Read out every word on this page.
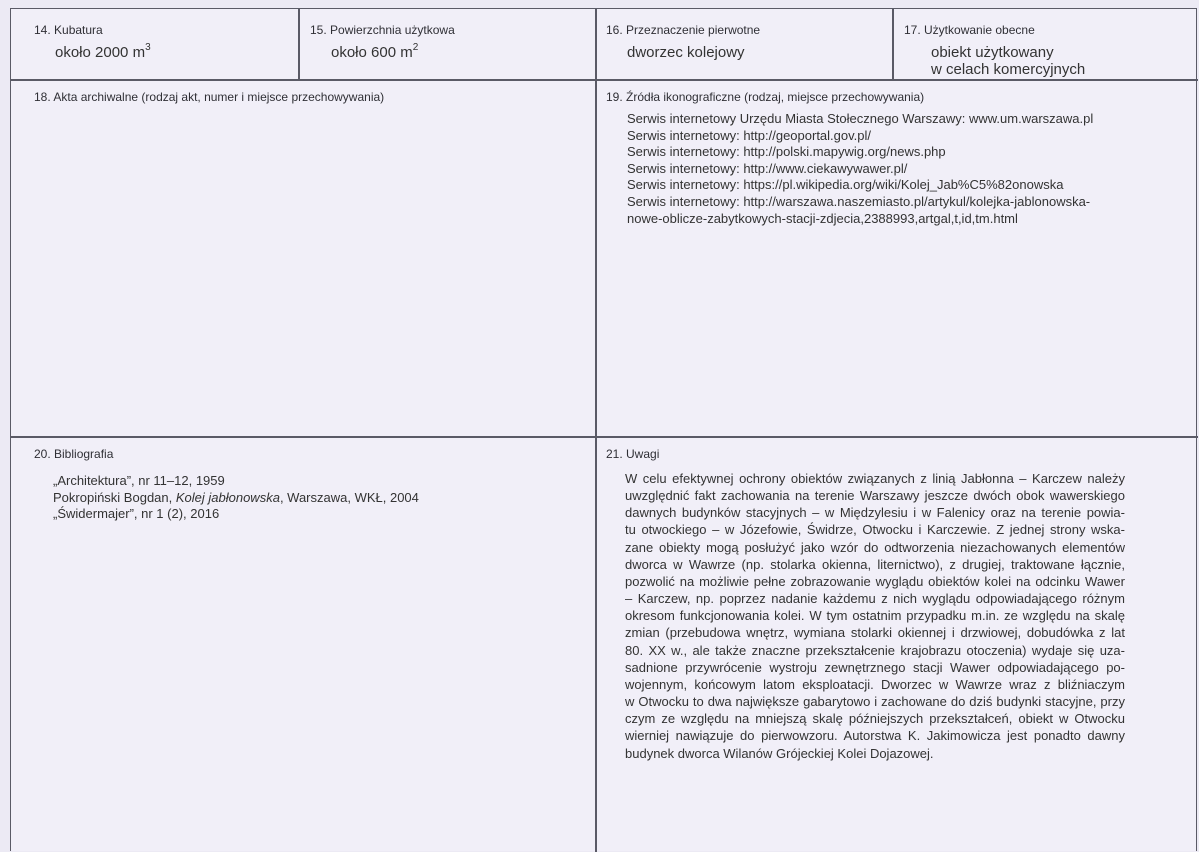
14. Kubatura
około 2000 $m^3$
15. Powierzchnia użytkowa
około 600 $m^2$
16. Przeznaczenie pierwotne
dworzec kolejowy
17. Użytkowanie obecne
obiekt użytkowany
w celach komercyjnych
18. Akta archiwalne (rodzaj akt, numer i miejsce przechowywania)	19. Źródła ikonograficzne (rodzaj, miejsce przechowywania)
Serwis internetowy Urzędu Miasta Stołecznego Warszawy: www.um.warszawa.pl
Serwis internetowy: http://geoportal.gov.pl/
Serwis internetowy: http://polski.mapywig.org/news.php
Serwis internetowy: http://www.ciekawywawer.pl/
Serwis internetowy: https://pl.wikipedia.org/wiki/Kolej_Jab%C5%82onowska
Serwis internetowy: http://warszawa.naszemiasto.pl/artykul/kolejka-jablonowska-
nowe-oblicze-zabytkowych-stacji-zdjecia,2388993,artgal,t,id,tm.html
20. Bibliografia
„Architektura”, nr 11–12, 1959
Pokropiński Bogdan, Kolej jabłonowska, Warszawa, WKŁ, 2004
„Świdermajer”, nr 1 (2), 2016
21. Uwagi
W celu efektywnej ochrony obiektów związanych z linią Jabłonna – Karczew należy
uwzględnić fakt zachowania na terenie Warszawy jeszcze dwóch obok wawerskiego
dawnych budynków stacyjnych – w Międzylesiu i w Falenicy oraz na terenie powia-
tu otwockiego – w Józefowie, Świdrze, Otwocku i Karczewie. Z jednej strony wska-
zane obiekty mogą posłużyć jako wzór do odtworzenia niezachowanych elementów
dworca w Wawrze (np. stolarka okienna, liternictwo), z drugiej, traktowane łącznie,
pozwolić na możliwie pełne zobrazowanie wyglądu obiektów kolei na odcinku Wawer
– Karczew, np. poprzez nadanie każdemu z nich wyglądu odpowiadającego różnym
okresom funkcjonowania kolei. W tym ostatnim przypadku m.in. ze względu na skalę
zmian (przebudowa wnętrz, wymiana stolarki okiennej i drzwiowej, dobudówka z lat
80. XX w., ale także znaczne przekształcenie krajobrazu otoczenia) wydaje się uza-
sadnione przywrócenie wystroju zewnętrznego stacji Wawer odpowiadającego po-
wojennym, końcowym latom eksploatacji. Dworzec w Wawrze wraz z bliźniaczym
w Otwocku to dwa największe gabarytowo i zachowane do dziś budynki stacyjne, przy
czym ze względu na mniejszą skalę późniejszych przekształceń, obiekt w Otwocku
wierniej nawiązuje do pierwowzoru. Autorstwa K. Jakimowicza jest ponadto dawny
budynek dworca Wilanów Grójeckiej Kolei Dojazowej.
